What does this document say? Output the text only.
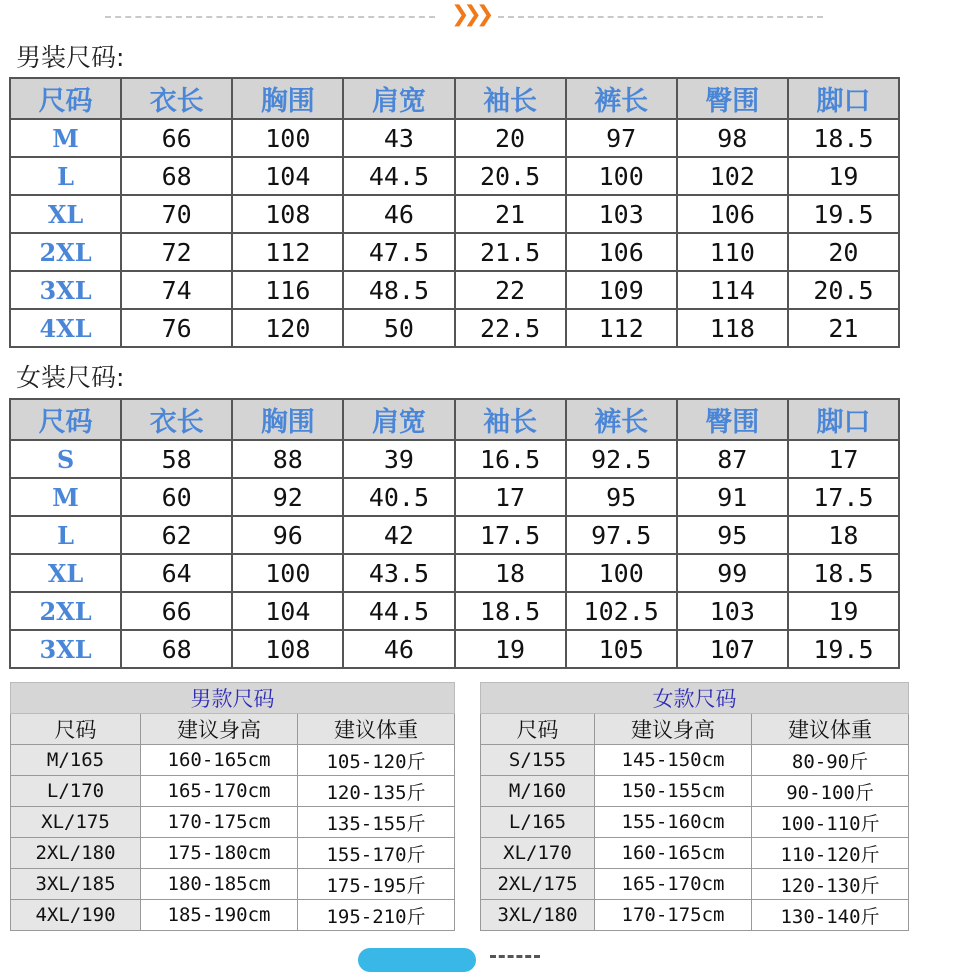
❯❯❯
男装尺码:
尺码	衣长	胸围	肩宽	袖长	裤长	臀围	脚口
M	66	100	43	20	97	98	18.5
L	68	104	44.5	20.5	100	102	19
XL	70	108	46	21	103	106	19.5
2XL	72	112	47.5	21.5	106	110	20
3XL	74	116	48.5	22	109	114	20.5
4XL	76	120	50	22.5	112	118	21
女装尺码:
尺码	衣长	胸围	肩宽	袖长	裤长	臀围	脚口
S	58	88	39	16.5	92.5	87	17
M	60	92	40.5	17	95	91	17.5
L	62	96	42	17.5	97.5	95	18
XL	64	100	43.5	18	100	99	18.5
2XL	66	104	44.5	18.5	102.5	103	19
3XL	68	108	46	19	105	107	19.5
男款尺码		
尺码	建议身高	建议体重
M/165	160-165cm	105-120斤
L/170	165-170cm	120-135斤
XL/175	170-175cm	135-155斤
2XL/180	175-180cm	155-170斤
3XL/185	180-185cm	175-195斤
4XL/190	185-190cm	195-210斤
女款尺码		
尺码	建议身高	建议体重
S/155	145-150cm	80-90斤
M/160	150-155cm	90-100斤
L/165	155-160cm	100-110斤
XL/170	160-165cm	110-120斤
2XL/175	165-170cm	120-130斤
3XL/180	170-175cm	130-140斤
